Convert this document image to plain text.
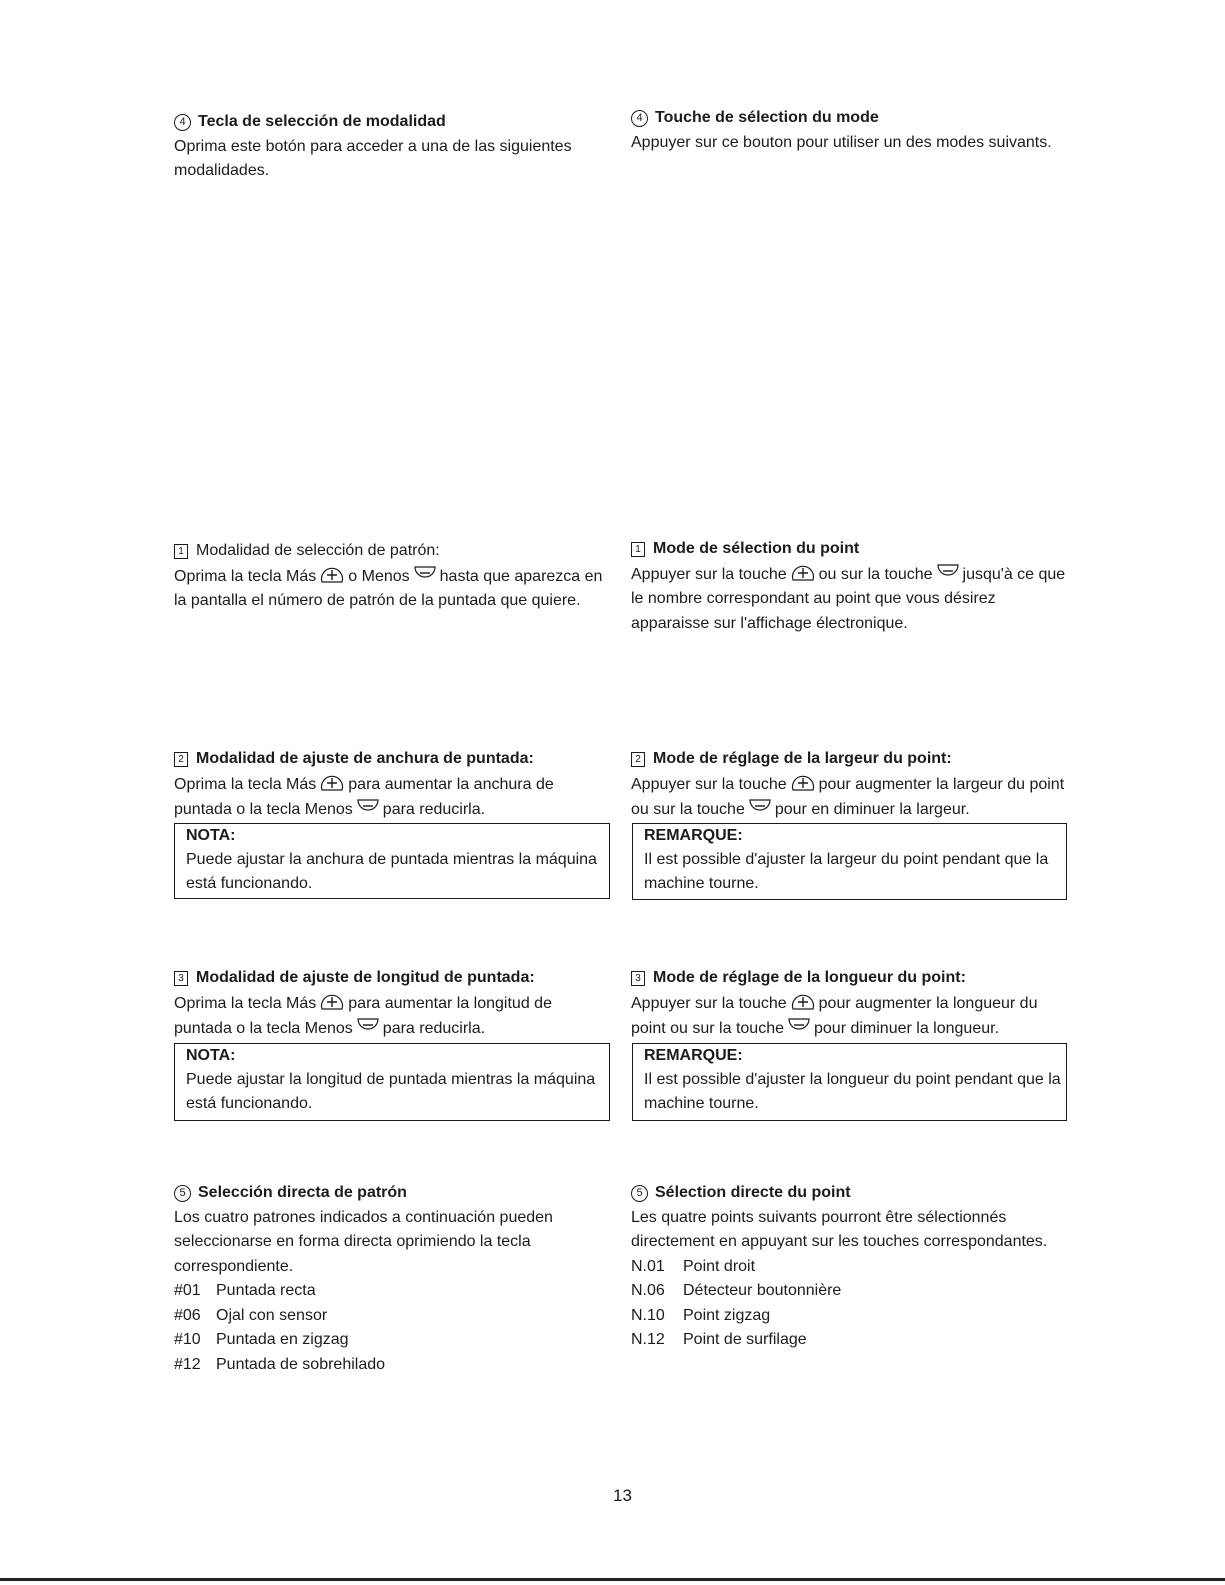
4 Tecla de selección de modalidad
Oprima este botón para acceder a una de las siguientes modalidades.
1 Modalidad de selección de patrón:
Oprima la tecla Más o Menos hasta que aparezca en la pantalla el número de patrón de la puntada que quiere.
2 Modalidad de ajuste de anchura de puntada:
Oprima la tecla Más para aumentar la anchura de puntada o la tecla Menos para reducirla.
NOTA:
Puede ajustar la anchura de puntada mientras la máquina está funcionando.
3 Modalidad de ajuste de longitud de puntada:
Oprima la tecla Más para aumentar la longitud de puntada o la tecla Menos para reducirla.
NOTA:
Puede ajustar la longitud de puntada mientras la máquina está funcionando.
5 Selección directa de patrón
Los cuatro patrones indicados a continuación pueden seleccionarse en forma directa oprimiendo la tecla correspondiente.
#01 Puntada recta
#06 Ojal con sensor
#10 Puntada en zigzag
#12 Puntada de sobrehilado
4 Touche de sélection du mode
Appuyer sur ce bouton pour utiliser un des modes suivants.
1 Mode de sélection du point
Appuyer sur la touche ou sur la touche jusqu'à ce que le nombre correspondant au point que vous désirez apparaisse sur l'affichage électronique.
2 Mode de réglage de la largeur du point:
Appuyer sur la touche pour augmenter la largeur du point ou sur la touche pour en diminuer la largeur.
REMARQUE:
Il est possible d'ajuster la largeur du point pendant que la machine tourne.
3 Mode de réglage de la longueur du point:
Appuyer sur la touche pour augmenter la longueur du point ou sur la touche pour diminuer la longueur.
REMARQUE:
Il est possible d'ajuster la longueur du point pendant que la machine tourne.
5 Sélection directe du point
Les quatre points suivants pourront être sélectionnés directement en appuyant sur les touches correspondantes.
N.01	Point droit
N.06	Détecteur boutonnière
N.10	Point zigzag
N.12	Point de surfilage
13
